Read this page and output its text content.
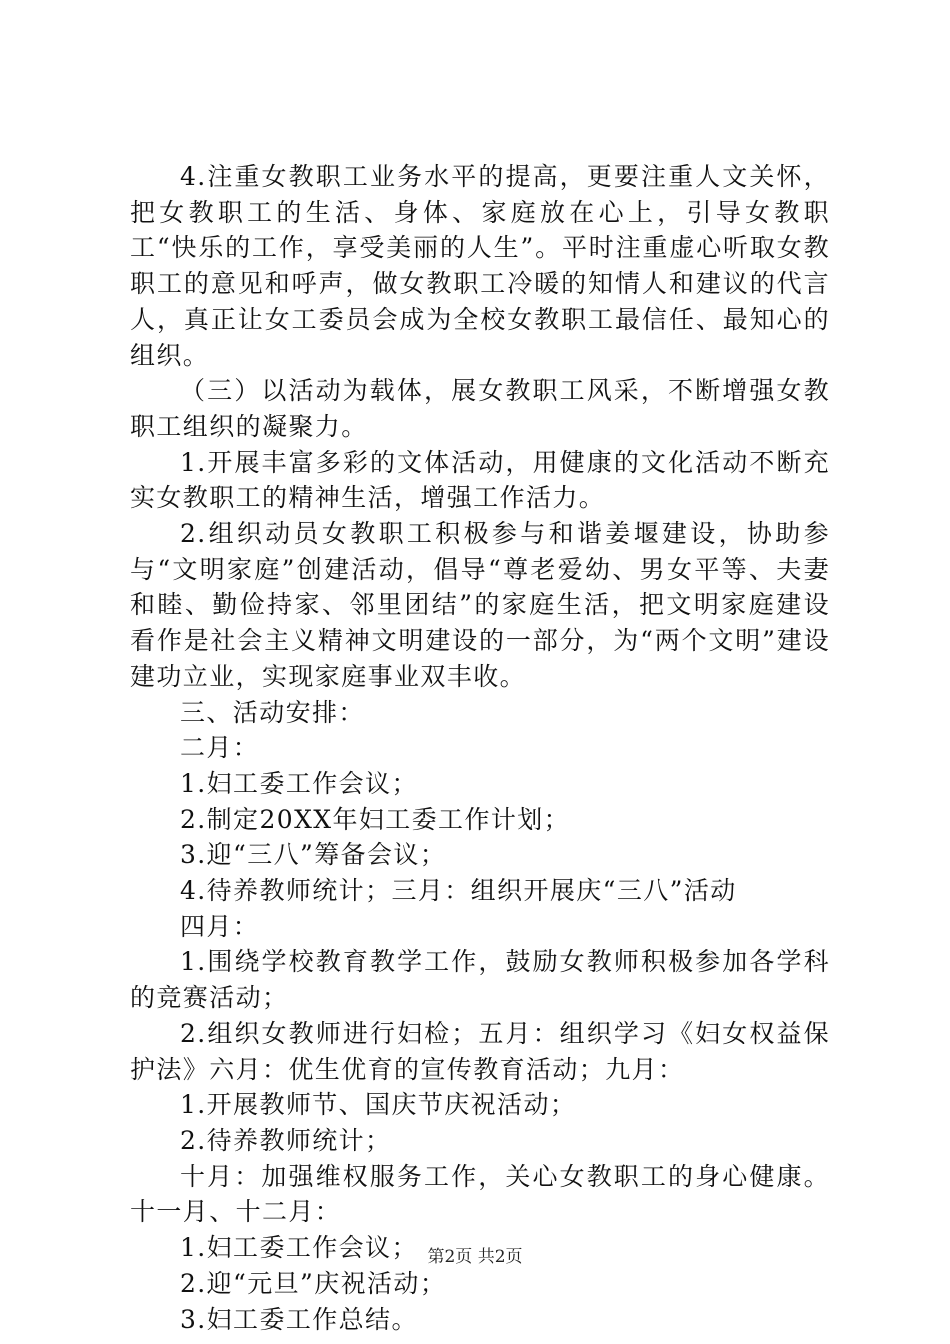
4.注重女教职工业务水平的提高，更要注重人文关怀，把女教职工的生活、身体、家庭放在心上，引导女教职工“快乐的工作，享受美丽的人生”。平时注重虚心听取女教职工的意见和呼声，做女教职工冷暖的知情人和建议的代言人，真正让女工委员会成为全校女教职工最信任、最知心的组织。

（三）以活动为载体，展女教职工风采，不断增强女教职工组织的凝聚力。

1.开展丰富多彩的文体活动，用健康的文化活动不断充实女教职工的精神生活，增强工作活力。

2.组织动员女教职工积极参与和谐姜堰建设，协助参与“文明家庭”创建活动，倡导“尊老爱幼、男女平等、夫妻和睦、勤俭持家、邻里团结”的家庭生活，把文明家庭建设看作是社会主义精神文明建设的一部分，为“两个文明”建设建功立业，实现家庭事业双丰收。

三、活动安排：

二月：

1.妇工委工作会议；

2.制定20XX年妇工委工作计划；

3.迎“三八”筹备会议；

4.待养教师统计；三月：组织开展庆“三八”活动

四月：

1.围绕学校教育教学工作，鼓励女教师积极参加各学科的竞赛活动；

2.组织女教师进行妇检；五月：组织学习《妇女权益保护法》六月：优生优育的宣传教育活动；九月：

1.开展教师节、国庆节庆祝活动；

2.待养教师统计；

十月：加强维权服务工作，关心女教职工的身心健康。十一月、十二月：

1.妇工委工作会议；

2.迎“元旦”庆祝活动；

3.妇工委工作总结。

第2页 共2页
